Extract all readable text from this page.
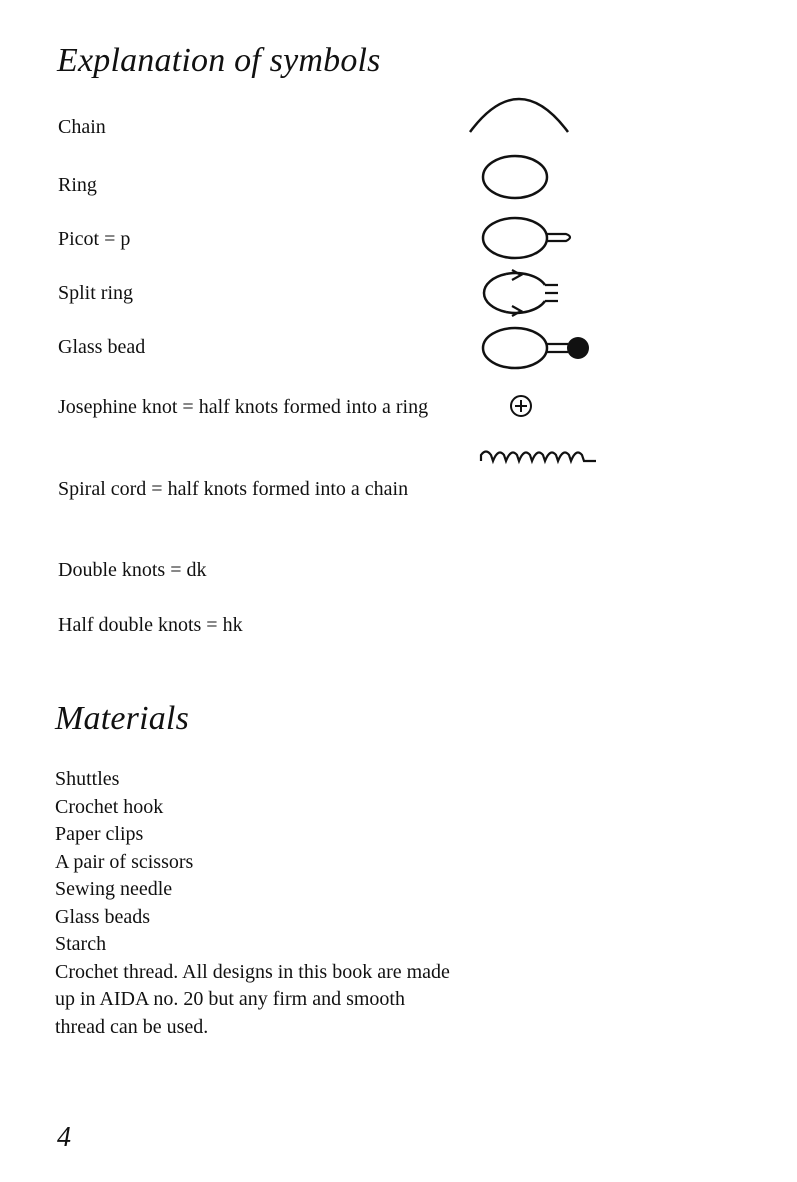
Explanation of symbols
Chain
Ring
Picot = p
Split ring
Glass bead
Josephine knot = half knots formed into a ring
Spiral cord = half knots formed into a chain
Double knots = dk
Half double knots = hk
Materials
Shuttles
Crochet hook
Paper clips
A pair of scissors
Sewing needle
Glass beads
Starch
Crochet thread. All designs in this book are made up in AIDA no. 20 but any firm and smooth thread can be used.
4
